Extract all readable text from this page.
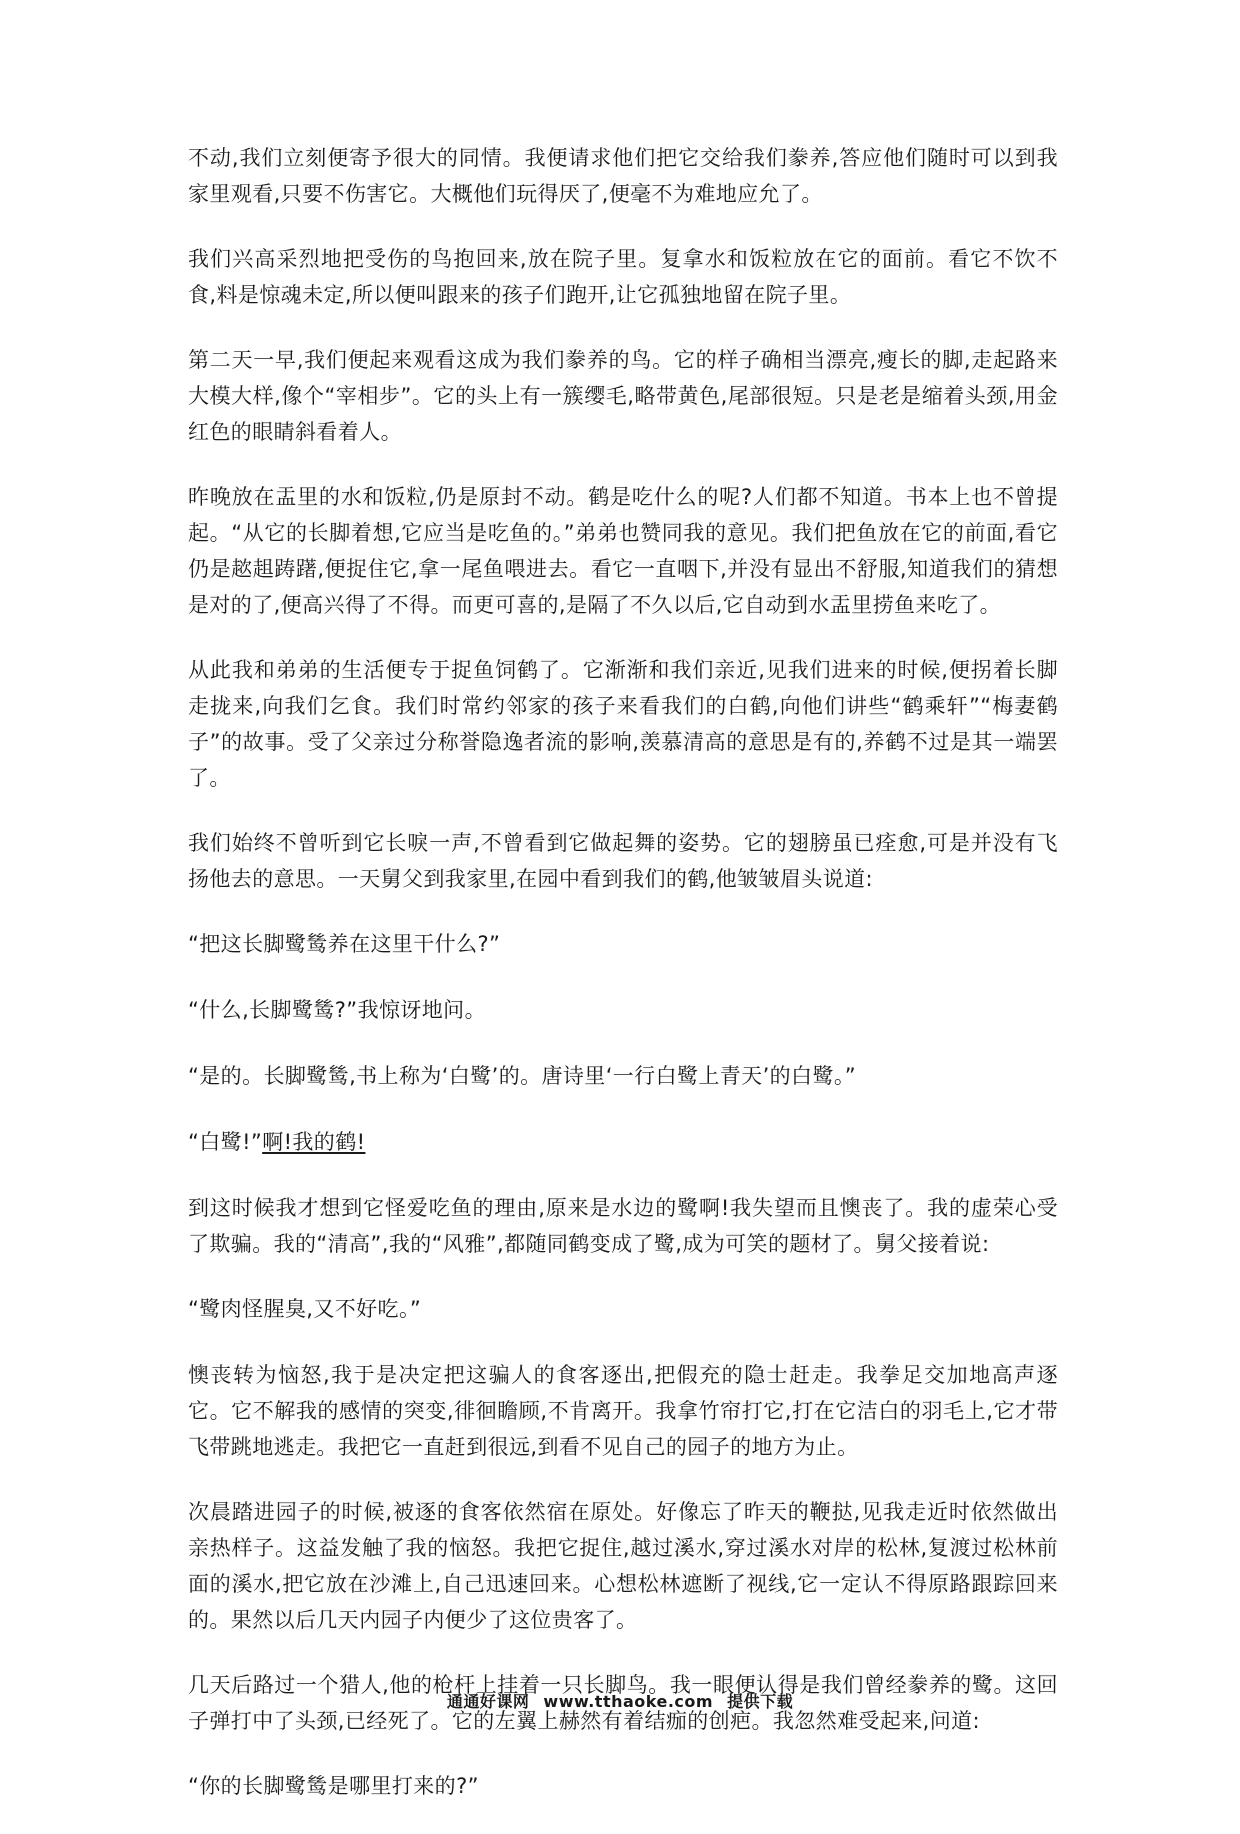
不动,我们立刻便寄予很大的同情。我便请求他们把它交给我们豢养,答应他们随时可以到我家里观看,只要不伤害它。大概他们玩得厌了,便毫不为难地应允了。

我们兴高采烈地把受伤的鸟抱回来,放在院子里。复拿水和饭粒放在它的面前。看它不饮不食,料是惊魂未定,所以便叫跟来的孩子们跑开,让它孤独地留在院子里。

第二天一早,我们便起来观看这成为我们豢养的鸟。它的样子确相当漂亮,瘦长的脚,走起路来大模大样,像个“宰相步”。它的头上有一簇缨毛,略带黄色,尾部很短。只是老是缩着头颈,用金红色的眼睛斜看着人。

昨晚放在盂里的水和饭粒,仍是原封不动。鹤是吃什么的呢?人们都不知道。书本上也不曾提起。“从它的长脚着想,它应当是吃鱼的。”弟弟也赞同我的意见。我们把鱼放在它的前面,看它仍是趑趄踌躇,便捉住它,拿一尾鱼喂进去。看它一直咽下,并没有显出不舒服,知道我们的猜想是对的了,便高兴得了不得。而更可喜的,是隔了不久以后,它自动到水盂里捞鱼来吃了。

从此我和弟弟的生活便专于捉鱼饲鹤了。它渐渐和我们亲近,见我们进来的时候,便拐着长脚走拢来,向我们乞食。我们时常约邻家的孩子来看我们的白鹤,向他们讲些“鹤乘轩”“梅妻鹤子”的故事。受了父亲过分称誉隐逸者流的影响,羡慕清高的意思是有的,养鹤不过是其一端罢了。

我们始终不曾听到它长唳一声,不曾看到它做起舞的姿势。它的翅膀虽已痊愈,可是并没有飞扬他去的意思。一天舅父到我家里,在园中看到我们的鹤,他皱皱眉头说道:

“把这长脚鹭鸶养在这里干什么?”

“什么,长脚鹭鸶?”我惊讶地问。

“是的。长脚鹭鸶,书上称为‘白鹭’的。唐诗里‘一行白鹭上青天’的白鹭。”

“白鹭!”啊!我的鹤!

到这时候我才想到它怪爱吃鱼的理由,原来是水边的鹭啊!我失望而且懊丧了。我的虚荣心受了欺骗。我的“清高”,我的“风雅”,都随同鹤变成了鹭,成为可笑的题材了。舅父接着说:

“鹭肉怪腥臭,又不好吃。”

懊丧转为恼怒,我于是决定把这骗人的食客逐出,把假充的隐士赶走。我拳足交加地高声逐它。它不解我的感情的突变,徘徊瞻顾,不肯离开。我拿竹帘打它,打在它洁白的羽毛上,它才带飞带跳地逃走。我把它一直赶到很远,到看不见自己的园子的地方为止。

次晨踏进园子的时候,被逐的食客依然宿在原处。好像忘了昨天的鞭挞,见我走近时依然做出亲热样子。这益发触了我的恼怒。我把它捉住,越过溪水,穿过溪水对岸的松林,复渡过松林前面的溪水,把它放在沙滩上,自己迅速回来。心想松林遮断了视线,它一定认不得原路跟踪回来的。果然以后几天内园子内便少了这位贵客了。

几天后路过一个猎人,他的枪杆上挂着一只长脚鸟。我一眼便认得是我们曾经豢养的鹭。这回子弹打中了头颈,已经死了。它的左翼上赫然有着结痂的创疤。我忽然难受起来,问道:

“你的长脚鹭鸶是哪里打来的?”

通通好课网 www.tthaoke.com 提供下载
